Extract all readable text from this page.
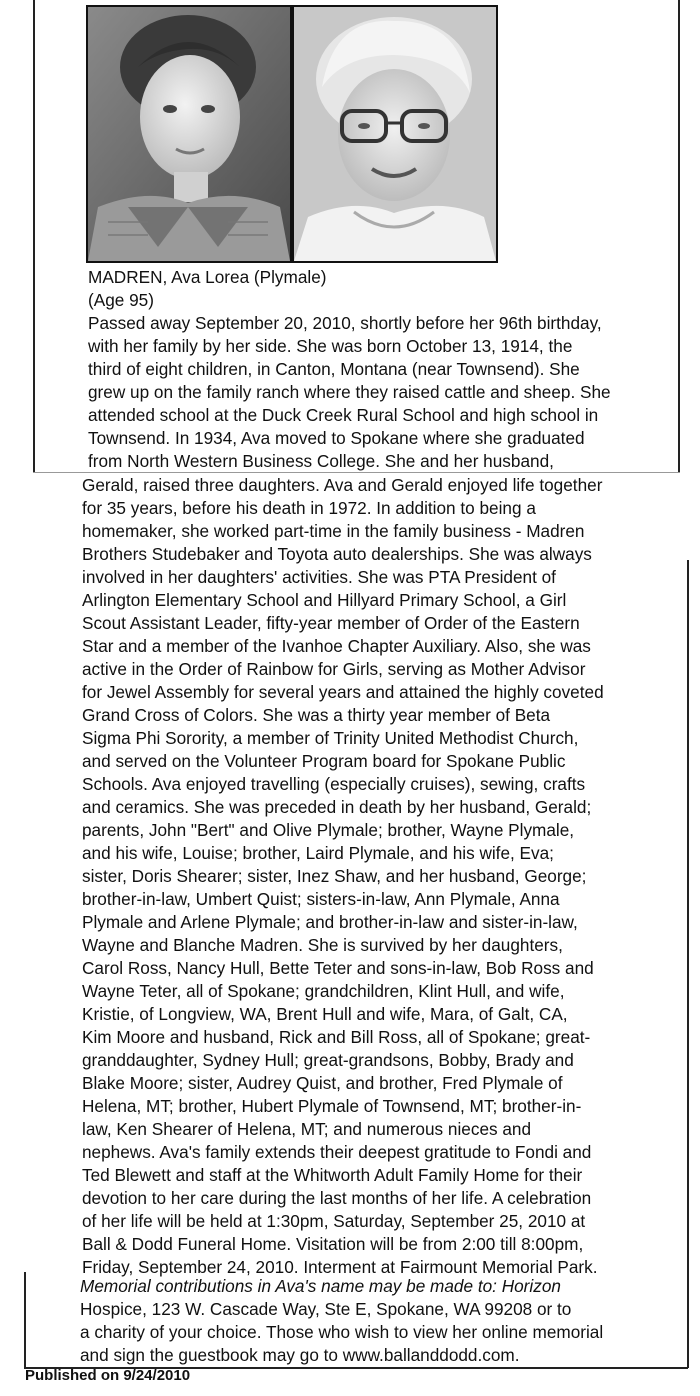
MADREN, Ava Lorea (Plymale)
(Age 95)
Passed away September 20, 2010, shortly before her 96th birthday,
with her family by her side. She was born October 13, 1914, the
third of eight children, in Canton, Montana (near Townsend). She
grew up on the family ranch where they raised cattle and sheep. She
attended school at the Duck Creek Rural School and high school in
Townsend. In 1934, Ava moved to Spokane where she graduated
from North Western Business College. She and her husband,
Gerald, raised three daughters. Ava and Gerald enjoyed life together
for 35 years, before his death in 1972. In addition to being a
homemaker, she worked part-time in the family business - Madren
Brothers Studebaker and Toyota auto dealerships. She was always
involved in her daughters' activities. She was PTA President of
Arlington Elementary School and Hillyard Primary School, a Girl
Scout Assistant Leader, fifty-year member of Order of the Eastern
Star and a member of the Ivanhoe Chapter Auxiliary. Also, she was
active in the Order of Rainbow for Girls, serving as Mother Advisor
for Jewel Assembly for several years and attained the highly coveted
Grand Cross of Colors. She was a thirty year member of Beta
Sigma Phi Sorority, a member of Trinity United Methodist Church,
and served on the Volunteer Program board for Spokane Public
Schools. Ava enjoyed travelling (especially cruises), sewing, crafts
and ceramics. She was preceded in death by her husband, Gerald;
parents, John "Bert" and Olive Plymale; brother, Wayne Plymale,
and his wife, Louise; brother, Laird Plymale, and his wife, Eva;
sister, Doris Shearer; sister, Inez Shaw, and her husband, George;
brother-in-law, Umbert Quist; sisters-in-law, Ann Plymale, Anna
Plymale and Arlene Plymale; and brother-in-law and sister-in-law,
Wayne and Blanche Madren. She is survived by her daughters,
Carol Ross, Nancy Hull, Bette Teter and sons-in-law, Bob Ross and
Wayne Teter, all of Spokane; grandchildren, Klint Hull, and wife,
Kristie, of Longview, WA, Brent Hull and wife, Mara, of Galt, CA,
Kim Moore and husband, Rick and Bill Ross, all of Spokane; great-
granddaughter, Sydney Hull; great-grandsons, Bobby, Brady and
Blake Moore; sister, Audrey Quist, and brother, Fred Plymale of
Helena, MT; brother, Hubert Plymale of Townsend, MT; brother-in-
law, Ken Shearer of Helena, MT; and numerous nieces and
nephews. Ava's family extends their deepest gratitude to Fondi and
Ted Blewett and staff at the Whitworth Adult Family Home for their
devotion to her care during the last months of her life. A celebration
of her life will be held at 1:30pm, Saturday, September 25, 2010 at
Ball & Dodd Funeral Home. Visitation will be from 2:00 till 8:00pm,
Friday, September 24, 2010. Interment at Fairmount Memorial Park.
Memorial contributions in Ava's name may be made to: Horizon
Hospice, 123 W. Cascade Way, Ste E, Spokane, WA 99208 or to
a charity of your choice. Those who wish to view her online memorial
and sign the guestbook may go to www.ballanddodd.com.
Published on 9/24/2010
